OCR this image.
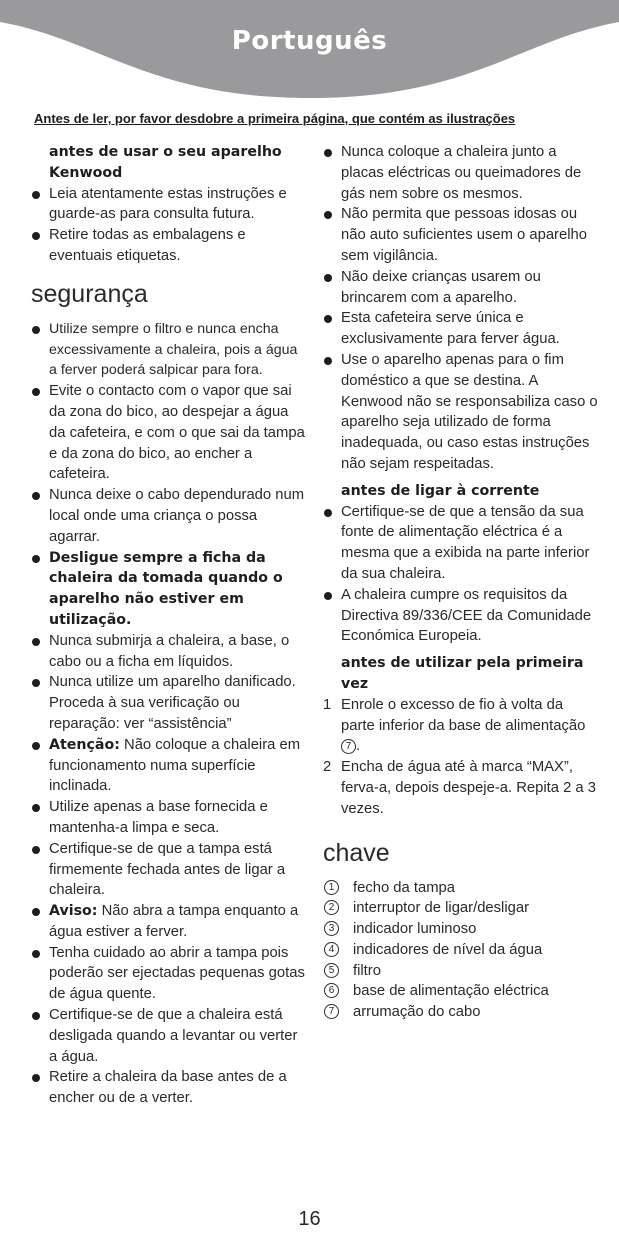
Português
Antes de ler, por favor desdobre a primeira página, que contém as ilustrações
antes de usar o seu aparelho Kenwood
Leia atentamente estas instruções e guarde-as para consulta futura.
Retire todas as embalagens e eventuais etiquetas.
segurança
Utilize sempre o filtro e nunca encha excessivamente a chaleira, pois a água a ferver poderá salpicar para fora.
Evite o contacto com o vapor que sai da zona do bico, ao despejar a água da cafeteira, e com o que sai da tampa e da zona do bico, ao encher a cafeteira.
Nunca deixe o cabo dependurado num local onde uma criança o possa agarrar.
Desligue sempre a ficha da chaleira da tomada quando o aparelho não estiver em utilização.
Nunca submirja a chaleira, a base, o cabo ou a ficha em líquidos.
Nunca utilize um aparelho danificado. Proceda à sua verificação ou reparação: ver “assistência”
Atenção: Não coloque a chaleira em funcionamento numa superfície inclinada.
Utilize apenas a base fornecida e mantenha-a limpa e seca.
Certifique-se de que a tampa está firmemente fechada antes de ligar a chaleira.
Aviso: Não abra a tampa enquanto a água estiver a ferver.
Tenha cuidado ao abrir a tampa pois poderão ser ejectadas pequenas gotas de água quente.
Certifique-se de que a chaleira está desligada quando a levantar ou verter a água.
Retire a chaleira da base antes de a encher ou de a verter.
Nunca coloque a chaleira junto a placas eléctricas ou queimadores de gás nem sobre os mesmos.
Não permita que pessoas idosas ou não auto suficientes usem o aparelho sem vigilância.
Não deixe crianças usarem ou brincarem com a aparelho.
Esta cafeteira serve única e exclusivamente para ferver água.
Use o aparelho apenas para o fim doméstico a que se destina. A Kenwood não se responsabiliza caso o aparelho seja utilizado de forma inadequada, ou caso estas instruções não sejam respeitadas.
antes de ligar à corrente
Certifique-se de que a tensão da sua fonte de alimentação eléctrica é a mesma que a exibida na parte inferior da sua chaleira.
A chaleira cumpre os requisitos da Directiva 89/336/CEE da Comunidade Económica Europeia.
antes de utilizar pela primeira vez
1 Enrole o excesso de fio à volta da parte inferior da base de alimentação 7 .
2 Encha de água até à marca “MAX”, ferva-a, depois despeje-a. Repita 2 a 3 vezes.
chave
1	fecho da tampa
2	interruptor de ligar/desligar
3	indicador luminoso
4	indicadores de nível da água
5	filtro
6	base de alimentação eléctrica
7	arrumação do cabo
16
